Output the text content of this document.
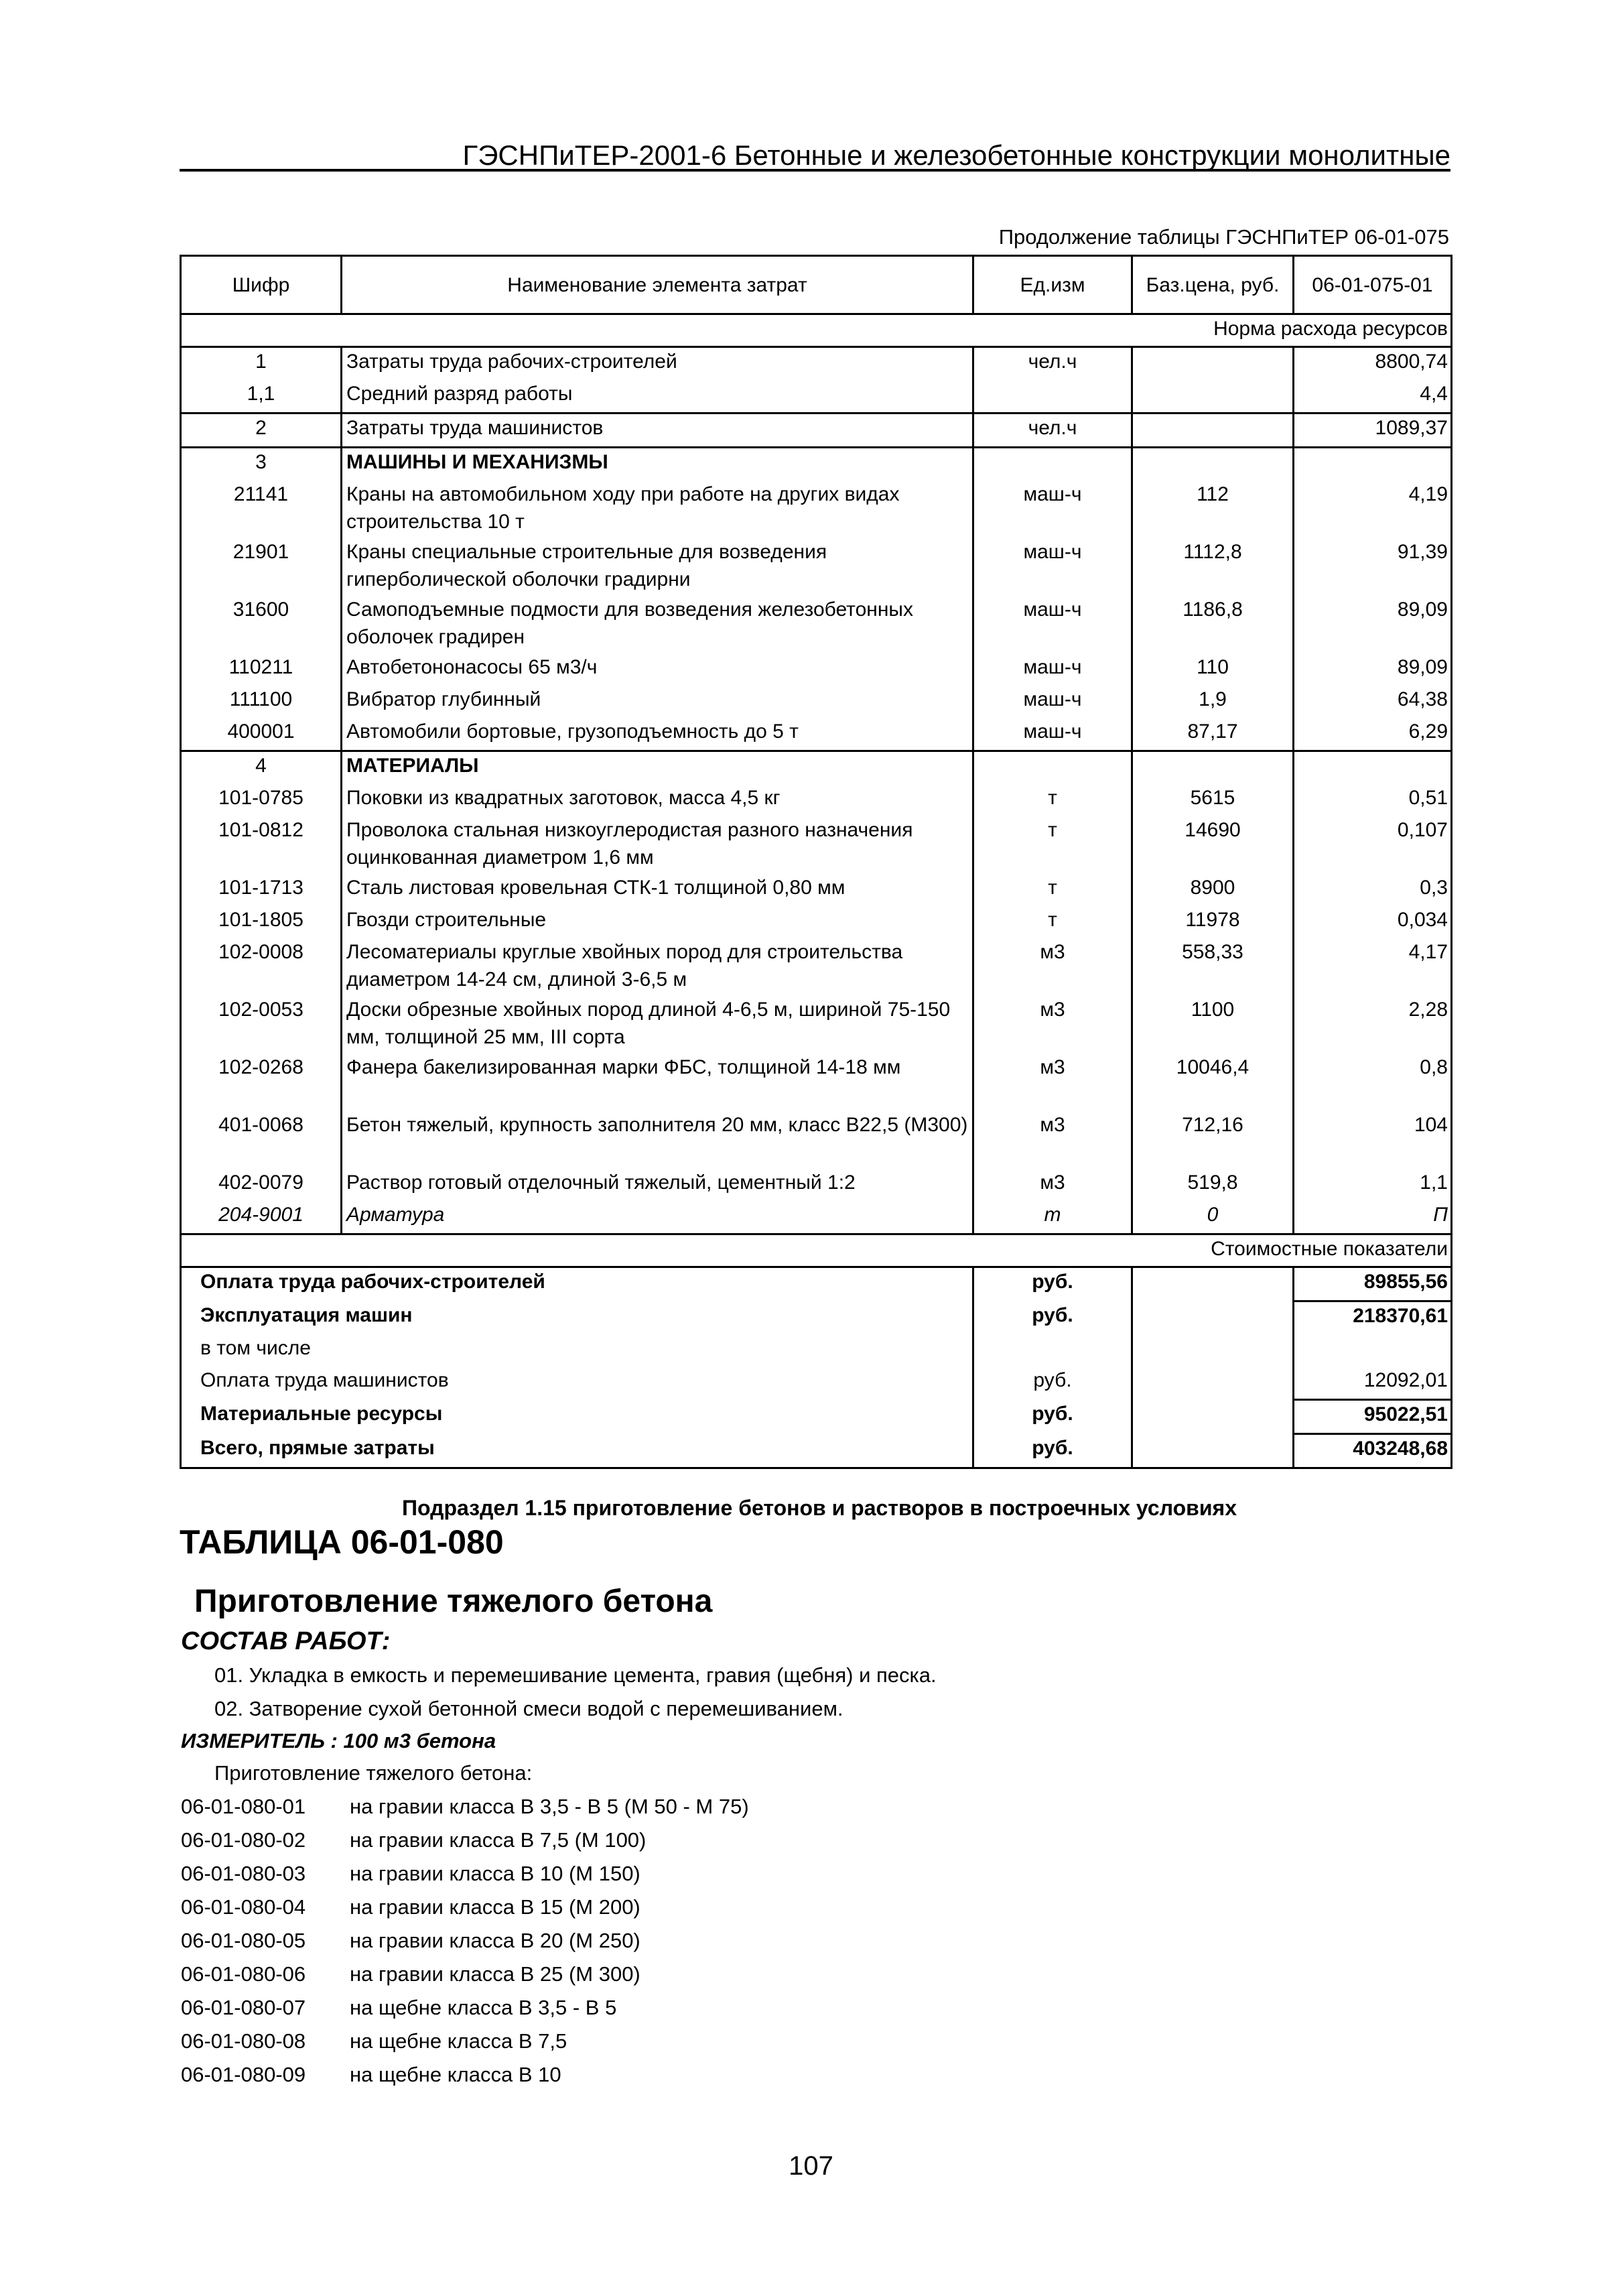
ГЭСНПиТЕР-2001-6 Бетонные и железобетонные конструкции монолитные
Продолжение таблицы ГЭСНПиТЕР 06-01-075
Шифр	Наименование элемента затрат	Ед.изм	Баз.цена, руб.	06-01-075-01
Норма расхода ресурсов				
1	Затраты труда рабочих-строителей	чел.ч		8800,74
1,1	Средний разряд работы			4,4
2	Затраты труда машинистов	чел.ч		1089,37
3	МАШИНЫ И МЕХАНИЗМЫ			
21141	Краны на автомобильном ходу при работе на других видах строительства 10 т	маш-ч	112	4,19
21901	Краны специальные строительные для возведения гиперболической оболочки градирни	маш-ч	1112,8	91,39
31600	Самоподъемные подмости для возведения железобетонных оболочек градирен	маш-ч	1186,8	89,09
110211	Автобетононасосы 65 м3/ч	маш-ч	110	89,09
111100	Вибратор глубинный	маш-ч	1,9	64,38
400001	Автомобили бортовые, грузоподъемность до 5 т	маш-ч	87,17	6,29
4	МАТЕРИАЛЫ			
101-0785	Поковки из квадратных заготовок, масса 4,5 кг	т	5615	0,51
101-0812	Проволока стальная низкоуглеродистая разного назначения оцинкованная диаметром 1,6 мм	т	14690	0,107
101-1713	Сталь листовая кровельная СТК-1 толщиной 0,80 мм	т	8900	0,3
101-1805	Гвозди строительные	т	11978	0,034
102-0008	Лесоматериалы круглые хвойных пород для строительства диаметром 14-24 см, длиной 3-6,5 м	м3	558,33	4,17
102-0053	Доски обрезные хвойных пород длиной 4-6,5 м, шириной 75-150 мм, толщиной 25 мм, III сорта	м3	1100	2,28
102-0268	Фанера бакелизированная марки ФБС, толщиной 14-18 мм	м3	10046,4	0,8
401-0068	Бетон тяжелый, крупность заполнителя 20 мм, класс В22,5 (М300)	м3	712,16	104
402-0079	Раствор готовый отделочный тяжелый, цементный 1:2	м3	519,8	1,1
204-9001	Арматура	т	0	П
Стоимостные показатели				
Оплата труда рабочих-строителей		руб.		89855,56
Эксплуатация машин		руб.		218370,61
в том числе				
Оплата труда машинистов		руб.		12092,01
Материальные ресурсы		руб.		95022,51
Всего, прямые затраты		руб.		403248,68
Подраздел 1.15 приготовление бетонов и растворов в построечных условиях
ТАБЛИЦА 06-01-080
Приготовление тяжелого бетона
СОСТАВ РАБОТ:
01. Укладка в емкость и перемешивание цемента, гравия (щебня) и песка.
02. Затворение сухой бетонной смеси водой с перемешиванием.
ИЗМЕРИТЕЛЬ : 100 м3 бетона
Приготовление тяжелого бетона:
06-01-080-01 на гравии класса В 3,5 - В 5 (М 50 - М 75)
06-01-080-02 на гравии класса В 7,5 (М 100)
06-01-080-03 на гравии класса В 10 (М 150)
06-01-080-04 на гравии класса В 15 (М 200)
06-01-080-05 на гравии класса В 20 (М 250)
06-01-080-06 на гравии класса В 25 (М 300)
06-01-080-07 на щебне класса В 3,5 - В 5
06-01-080-08 на щебне класса В 7,5
06-01-080-09 на щебне класса В 10
107
